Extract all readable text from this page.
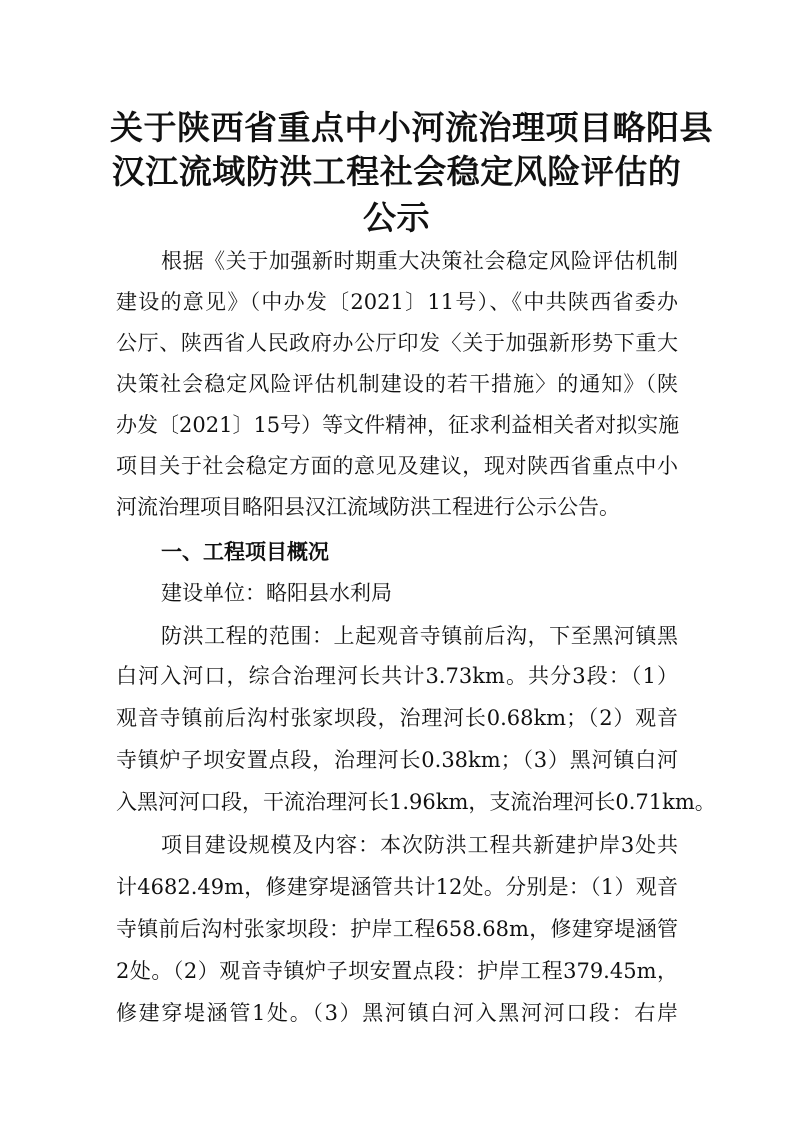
关于陕西省重点中小河流治理项目略阳县
汉江流域防洪工程社会稳定风险评估的
公示
根据《关于加强新时期重大决策社会稳定风险评估机制
建设的意见》（中办发〔2021〕11号）、《中共陕西省委办
公厅、陕西省人民政府办公厅印发〈关于加强新形势下重大
决策社会稳定风险评估机制建设的若干措施〉的通知》（陕
办发〔2021〕15号）等文件精神，征求利益相关者对拟实施
项目关于社会稳定方面的意见及建议，现对陕西省重点中小
河流治理项目略阳县汉江流域防洪工程进行公示公告。
一、工程项目概况
建设单位：略阳县水利局
防洪工程的范围：上起观音寺镇前后沟，下至黑河镇黑
白河入河口，综合治理河长共计3.73km。共分3段：（1）
观音寺镇前后沟村张家坝段，治理河长0.68km；（2）观音
寺镇炉子坝安置点段，治理河长0.38km；（3）黑河镇白河
入黑河河口段，干流治理河长1.96km，支流治理河长0.71km。
项目建设规模及内容：本次防洪工程共新建护岸3处共
计4682.49m，修建穿堤涵管共计12处。分别是：（1）观音
寺镇前后沟村张家坝段：护岸工程658.68m，修建穿堤涵管
2处。（2）观音寺镇炉子坝安置点段：护岸工程379.45m，
修建穿堤涵管1处。（3）黑河镇白河入黑河河口段：右岸
